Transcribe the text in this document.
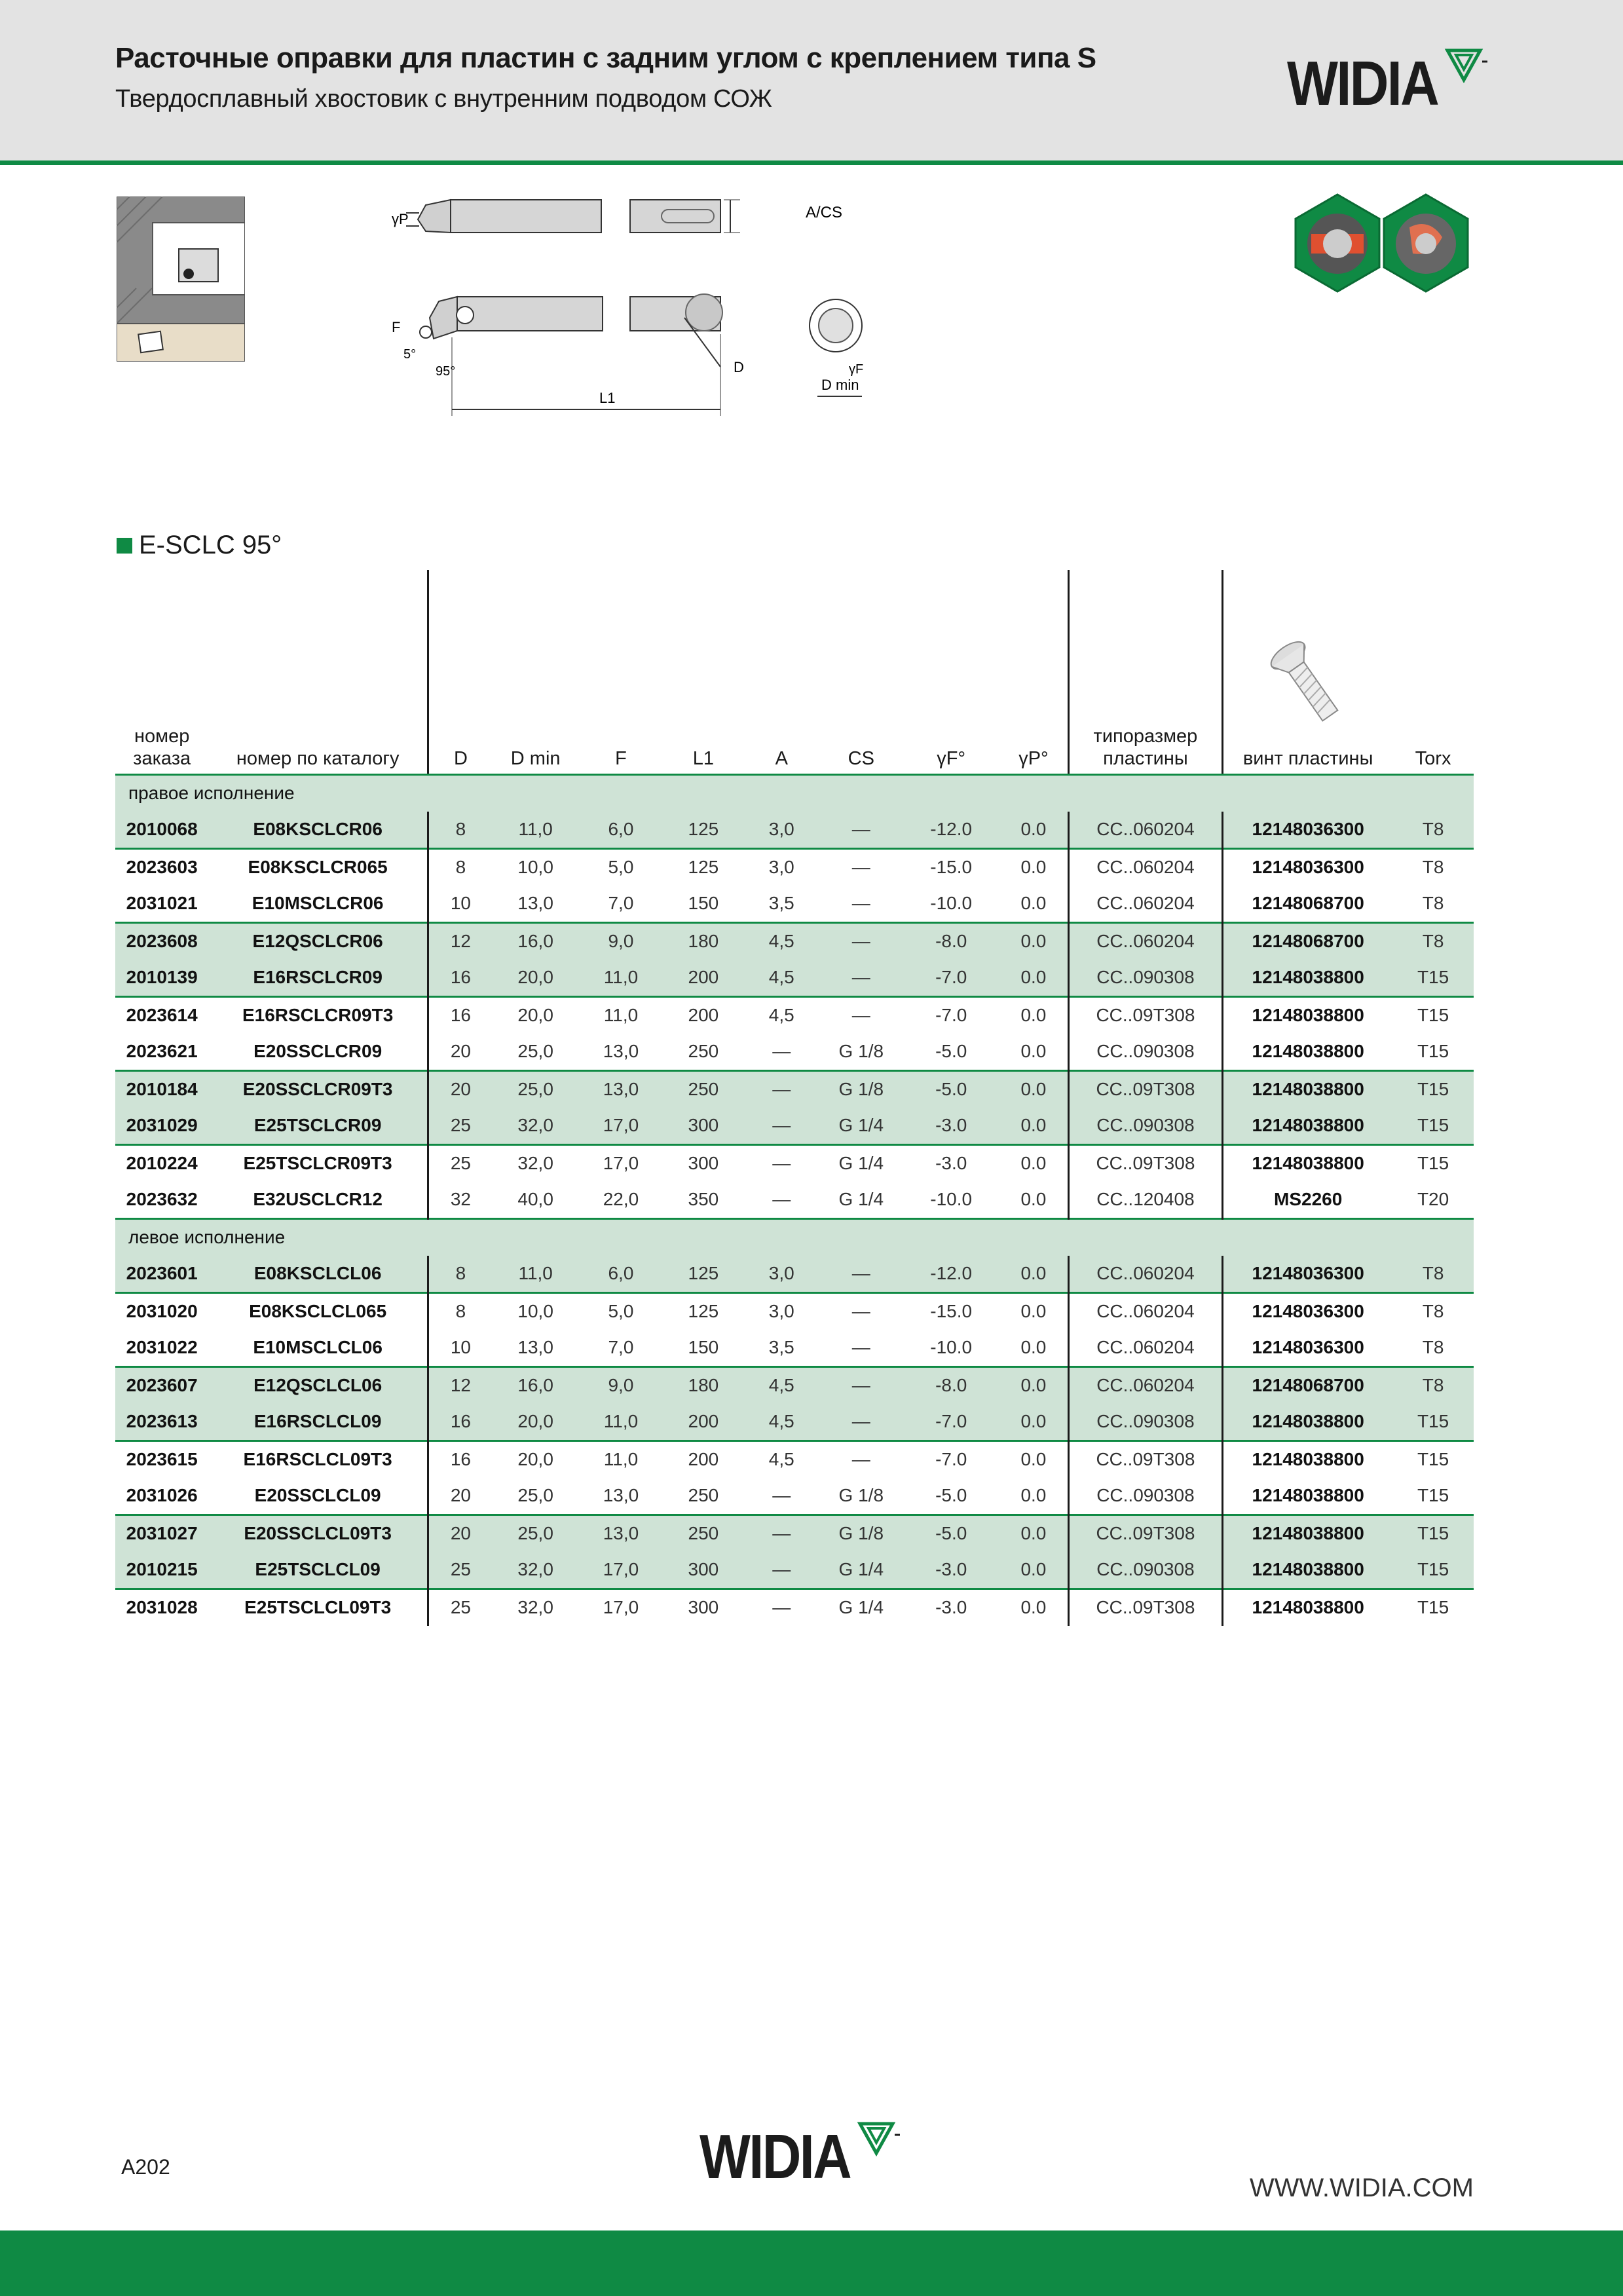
Расточные оправки для пластин с задним углом с креплением типа S
Твердосплавный хвостовик с внутренним подводом СОЖ	WIDIA
γP	A/CS
F
5°
95°	D
L1
γF
D min
E-SCLC 95°
номер заказа	номер по каталогу	D	D min	F	L1	A	CS	γF°	γP°	типоразмер пластины	винт пластины	Torx
правое исполнение												
2010068	E08KSCLCR06	8	11,0	6,0	125	3,0	—	-12.0	0.0	CC..060204	12148036300	T8
2023603	E08KSCLCR065	8	10,0	5,0	125	3,0	—	-15.0	0.0	CC..060204	12148036300	T8
2031021	E10MSCLCR06	10	13,0	7,0	150	3,5	—	-10.0	0.0	CC..060204	12148068700	T8
2023608	E12QSCLCR06	12	16,0	9,0	180	4,5	—	-8.0	0.0	CC..060204	12148068700	T8
2010139	E16RSCLCR09	16	20,0	11,0	200	4,5	—	-7.0	0.0	CC..090308	12148038800	T15
2023614	E16RSCLCR09T3	16	20,0	11,0	200	4,5	—	-7.0	0.0	CC..09T308	12148038800	T15
2023621	E20SSCLCR09	20	25,0	13,0	250	—	G 1/8	-5.0	0.0	CC..090308	12148038800	T15
2010184	E20SSCLCR09T3	20	25,0	13,0	250	—	G 1/8	-5.0	0.0	CC..09T308	12148038800	T15
2031029	E25TSCLCR09	25	32,0	17,0	300	—	G 1/4	-3.0	0.0	CC..090308	12148038800	T15
2010224	E25TSCLCR09T3	25	32,0	17,0	300	—	G 1/4	-3.0	0.0	CC..09T308	12148038800	T15
2023632	E32USCLCR12	32	40,0	22,0	350	—	G 1/4	-10.0	0.0	CC..120408	MS2260	T20
левое исполнение												
2023601	E08KSCLCL06	8	11,0	6,0	125	3,0	—	-12.0	0.0	CC..060204	12148036300	T8
2031020	E08KSCLCL065	8	10,0	5,0	125	3,0	—	-15.0	0.0	CC..060204	12148036300	T8
2031022	E10MSCLCL06	10	13,0	7,0	150	3,5	—	-10.0	0.0	CC..060204	12148036300	T8
2023607	E12QSCLCL06	12	16,0	9,0	180	4,5	—	-8.0	0.0	CC..060204	12148068700	T8
2023613	E16RSCLCL09	16	20,0	11,0	200	4,5	—	-7.0	0.0	CC..090308	12148038800	T15
2023615	E16RSCLCL09T3	16	20,0	11,0	200	4,5	—	-7.0	0.0	CC..09T308	12148038800	T15
2031026	E20SSCLCL09	20	25,0	13,0	250	—	G 1/8	-5.0	0.0	CC..090308	12148038800	T15
2031027	E20SSCLCL09T3	20	25,0	13,0	250	—	G 1/8	-5.0	0.0	CC..09T308	12148038800	T15
2010215	E25TSCLCL09	25	32,0	17,0	300	—	G 1/4	-3.0	0.0	CC..090308	12148038800	T15
2031028	E25TSCLCL09T3	25	32,0	17,0	300	—	G 1/4	-3.0	0.0	CC..09T308	12148038800	T15
A202	WIDIA	WWW.WIDIA.COM
